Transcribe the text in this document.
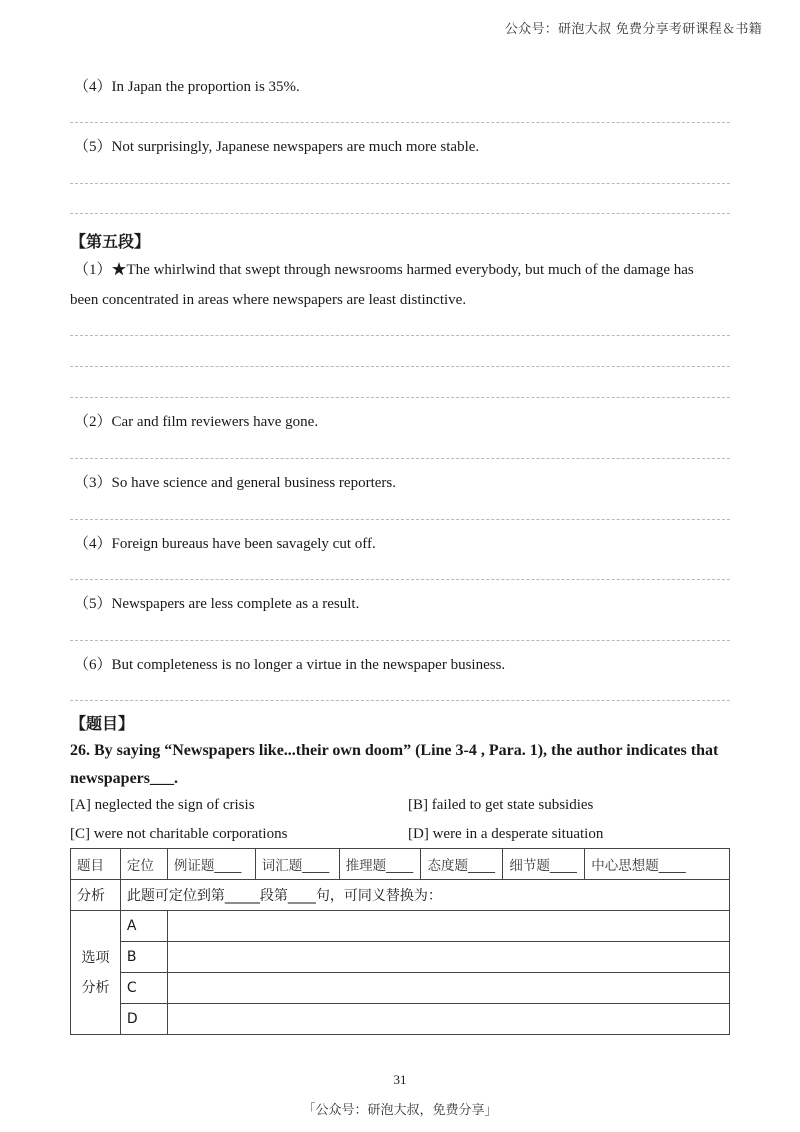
公众号：研泡大叔 免费分享考研课程＆书籍
（4）In Japan the proportion is 35%.
（5）Not surprisingly, Japanese newspapers are much more stable.
【第五段】
（1）★The whirlwind that swept through newsrooms harmed everybody, but much of the damage has
been concentrated in areas where newspapers are least distinctive.
（2）Car and film reviewers have gone.
（3）So have science and general business reporters.
（4）Foreign bureaus have been savagely cut off.
（5）Newspapers are less complete as a result.
（6）But completeness is no longer a virtue in the newspaper business.
【题目】
26. By saying “Newspapers like...their own doom” (Line 3-4 , Para. 1), the author indicates that
newspapers___.
[A] neglected the sign of crisis	[B] failed to get state subsidies
[C] were not charitable corporations	[D] were in a desperate situation
题目	定位	例证题____	词汇题____	推理题____	态度题____	细节题____	中心思想题____
分析	此题可定位到第_____段第____句，可同义替换为：						

选项
分析	A						
	B						
	C						
	D						
31
「公众号：研泡大叔，免费分享」
